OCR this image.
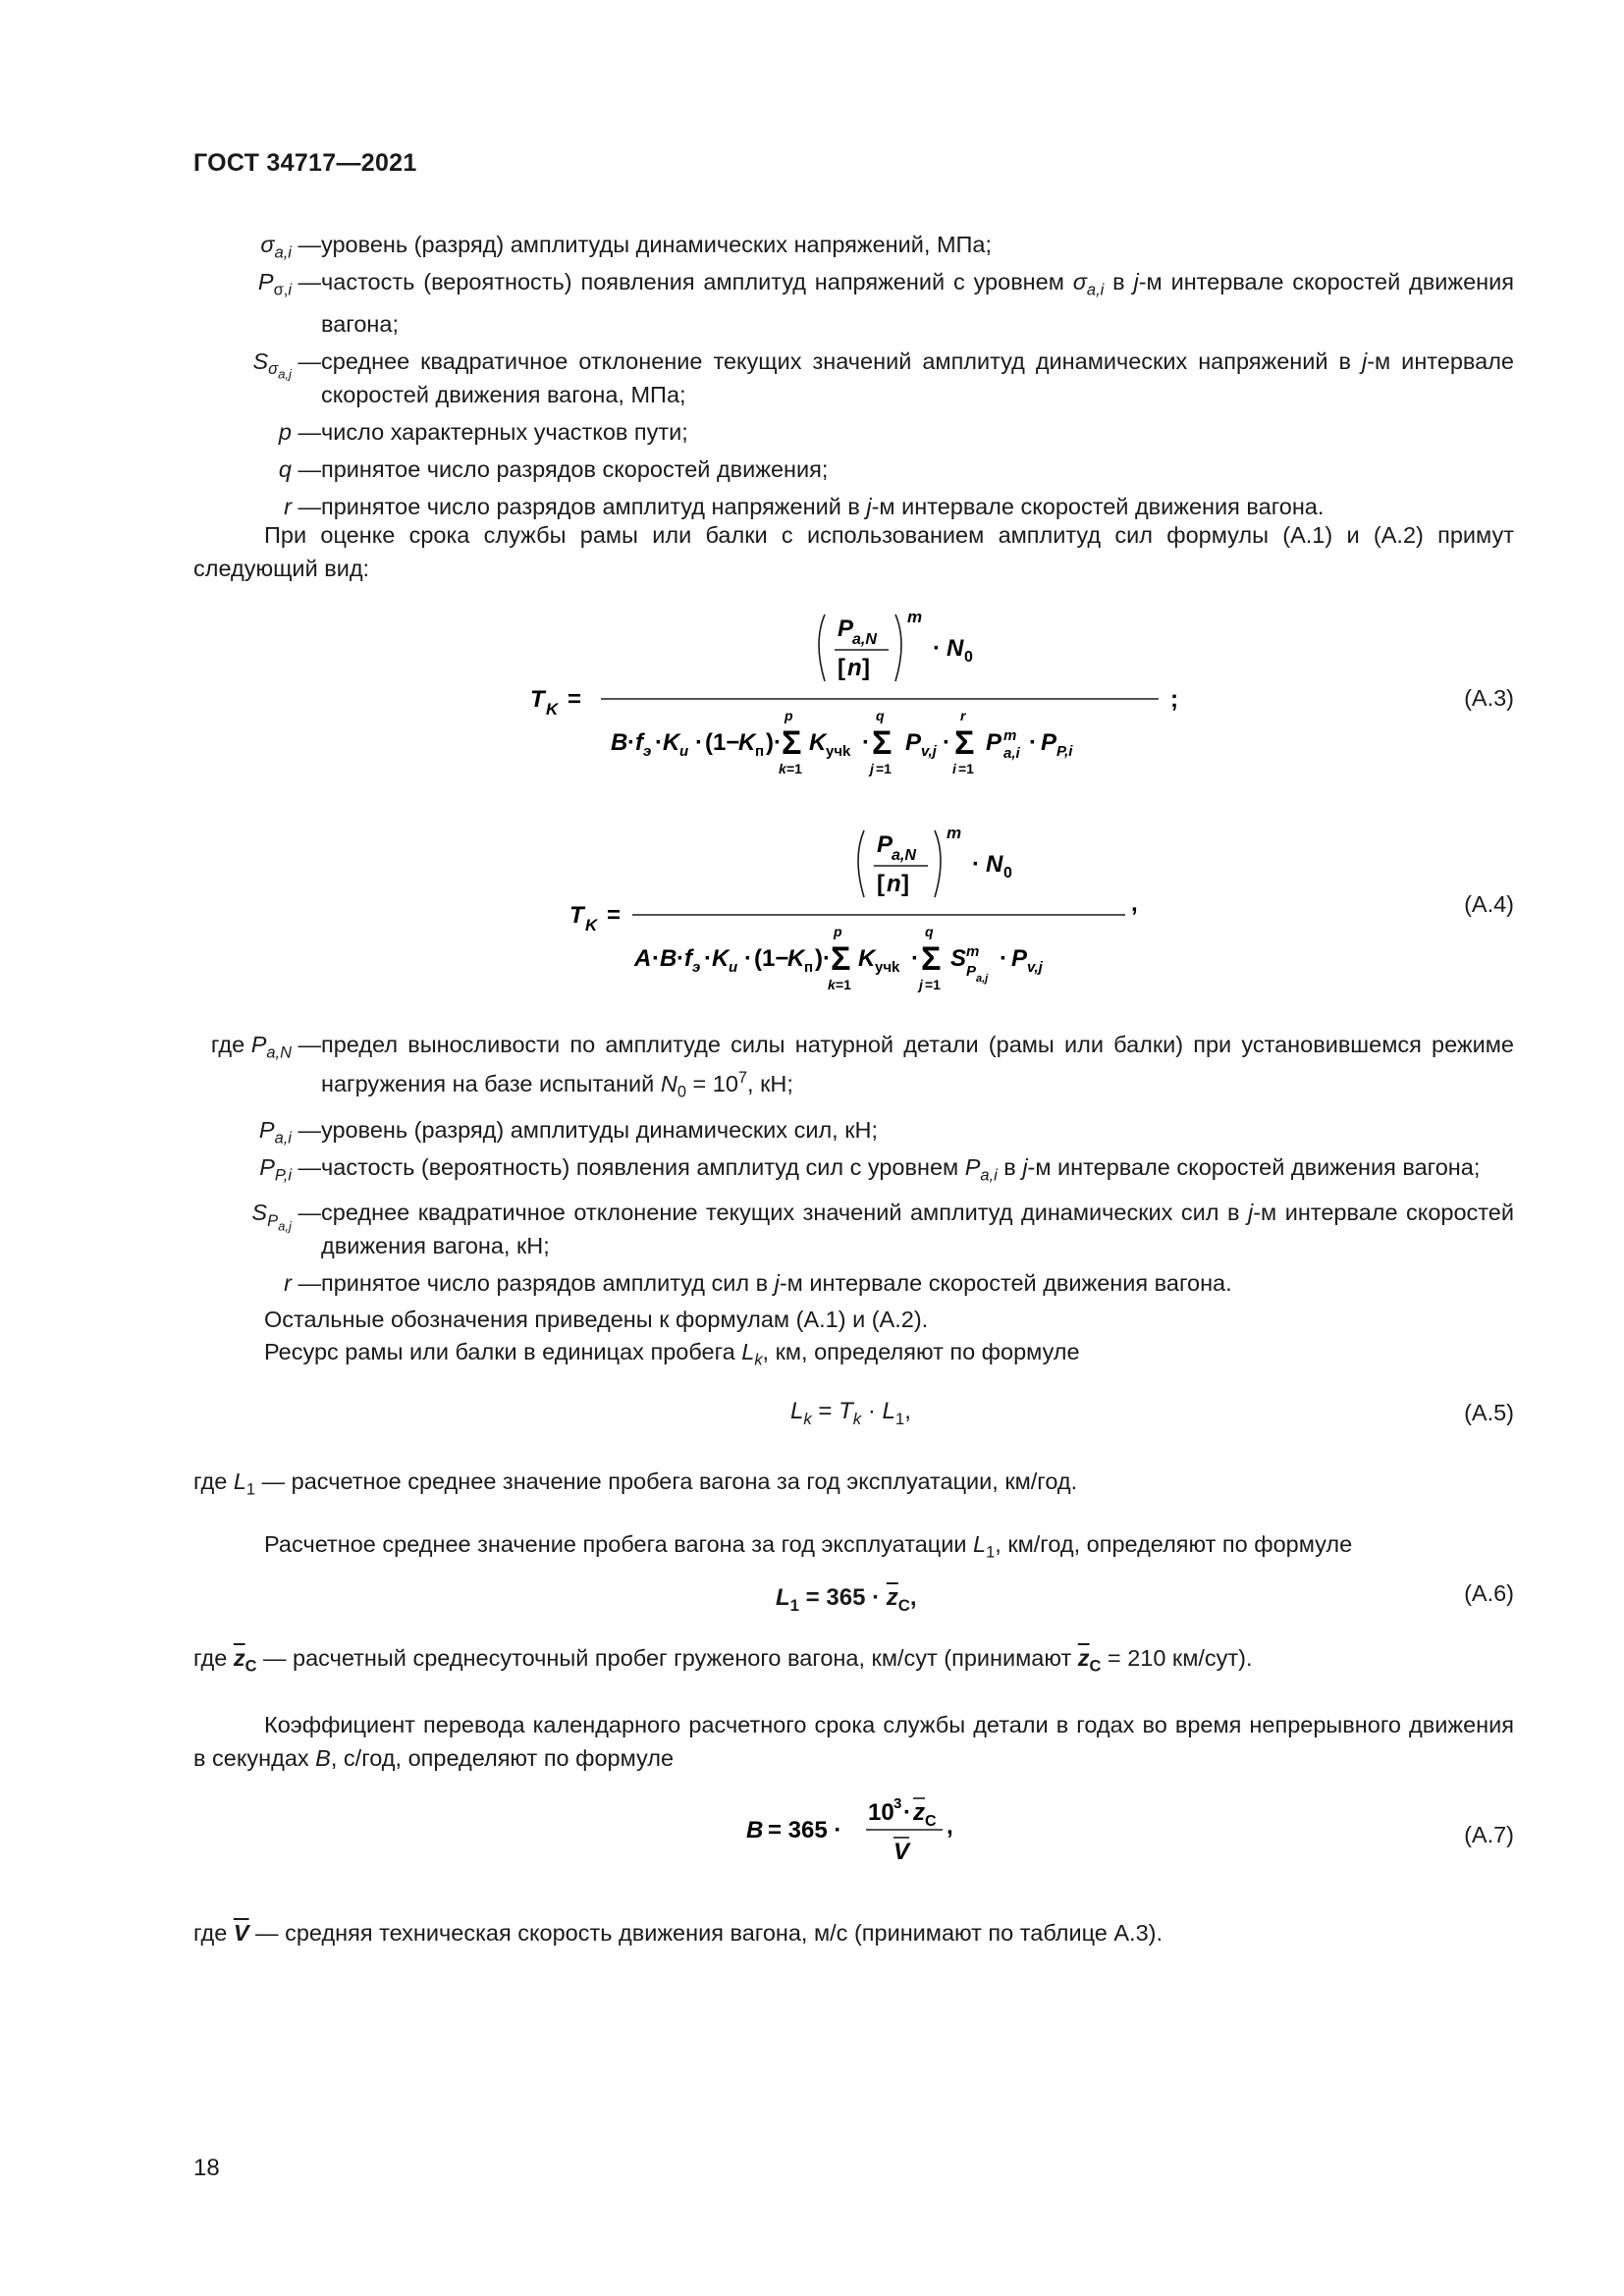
ГОСТ 34717—2021
$\sigma_{a,i}$ — уровень (разряд) амплитуды динамических напряжений, МПа;
$P_{\sigma,i}$ — частость (вероятность) появления амплитуд напряжений с уровнем $\sigma_{a,i}$ в j-м интервале скоростей движения вагона;
$S_{\sigma_{a,j}}$ — среднее квадратичное отклонение текущих значений амплитуд динамических напряжений в j-м интервале скоростей движения вагона, МПа;
p — число характерных участков пути;
q — принятое число разрядов скоростей движения;
r — принятое число разрядов амплитуд напряжений в j-м интервале скоростей движения вагона.
При оценке срока службы рамы или балки с использованием амплитуд сил формулы (А.1) и (А.2) примут следующий вид:
T K =	;
P
a,N
[ n ]
m
· N 0
B · f э · K и · (1−
K п )·
p
Σ
k =1
K учk ·
q
Σ
j =1
P v,j ·
r
Σ
i =1
P m
a,i · P P,i
(А.3)
T K =	,
P
a,N
[ n ]
m
· N 0
A · B · f э · K и · (1−
K п )·
p
Σ
k =1
K учk ·
q
Σ
j =1
S m
P a,j
· P v,j
(А.4)
где $P_{a,N}$ — предел выносливости по амплитуде силы натурной детали (рамы или балки) при установившемся режиме нагружения на базе испытаний $N_0 = 10^7$, кН;
$P_{a,i}$ — уровень (разряд) амплитуды динамических сил, кН;
$P_{P,i}$ — частость (вероятность) появления амплитуд сил с уровнем $P_{a,i}$ в j-м интервале скоростей движения вагона;
$S_{P_{a,j}}$ — среднее квадратичное отклонение текущих значений амплитуд динамических сил в j-м интервале скоростей движения вагона, кН;
r — принятое число разрядов амплитуд сил в j-м интервале скоростей движения вагона.
Остальные обозначения приведены к формулам (А.1) и (А.2).
Ресурс рамы или балки в единицах пробега $L_k$, км, определяют по формуле
$L_k = T_k \cdot L_1$,	(А.5)
где $L_1$ — расчетное среднее значение пробега вагона за год эксплуатации, км/год.
Расчетное среднее значение пробега вагона за год эксплуатации $L_1$, км/год, определяют по формуле
$L_1 = 365 \cdot \overline{z}_С$,	(А.6)
где $\overline{z}_С$ — расчетный среднесуточный пробег груженого вагона, км/сут (принимают $\overline{z}_С = 210$ км/сут).
Коэффициент перевода календарного расчетного срока службы детали в годах во время непрерывного движения в секундах B, с/год, определяют по формуле
B = 365 ·
10 3 · z С
V
,	(А.7)
где $\overline{V}$ — средняя техническая скорость движения вагона, м/с (принимают по таблице А.3).
18
